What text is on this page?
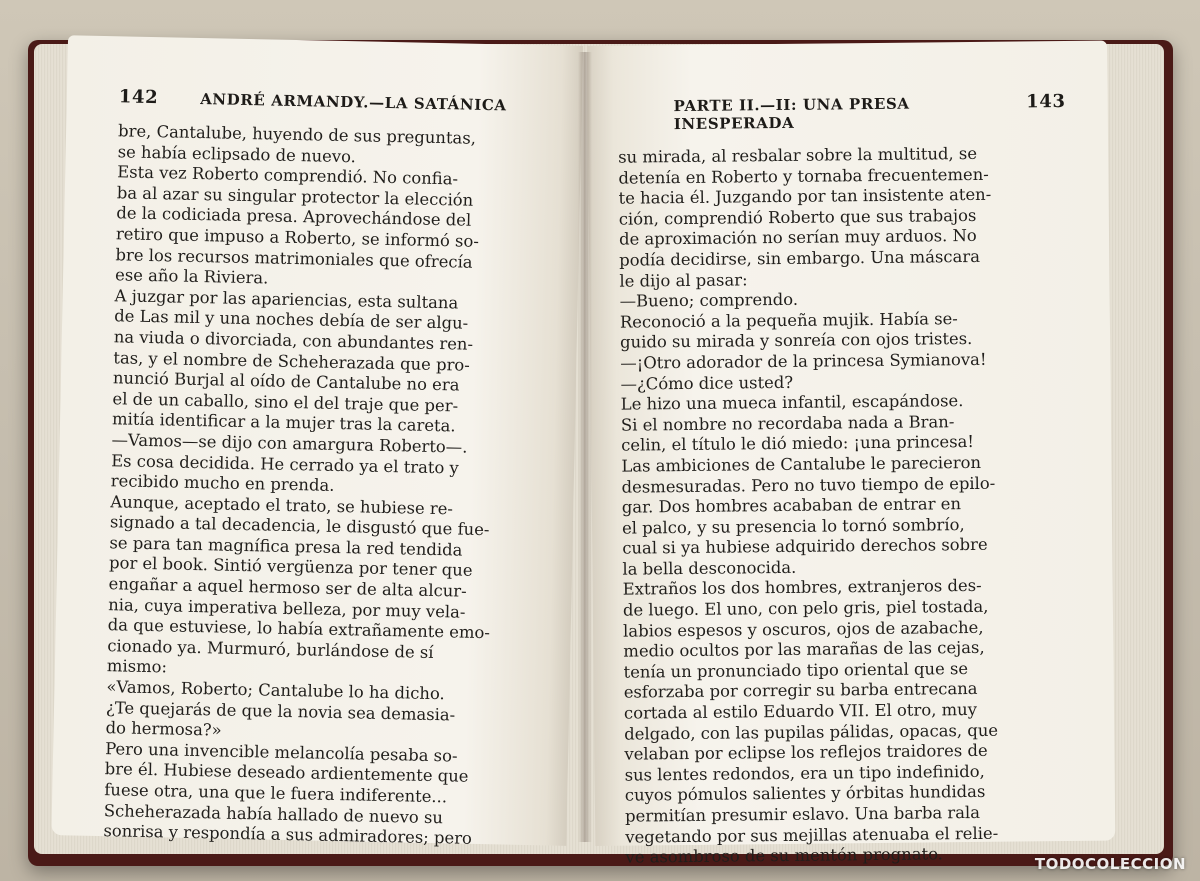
142	ANDRÉ ARMANDY.—LA SATÁNICA
bre, Cantalube, huyendo de sus preguntas,
se había eclipsado de nuevo.
Esta vez Roberto comprendió. No confia-
ba al azar su singular protector la elección
de la codiciada presa. Aprovechándose del
retiro que impuso a Roberto, se informó so-
bre los recursos matrimoniales que ofrecía
ese año la Riviera.
A juzgar por las apariencias, esta sultana
de Las mil y una noches debía de ser algu-
na viuda o divorciada, con abundantes ren-
tas, y el nombre de Scheherazada que pro-
nunció Burjal al oído de Cantalube no era
el de un caballo, sino el del traje que per-
mitía identificar a la mujer tras la careta.
—Vamos—se dijo con amargura Roberto—.
Es cosa decidida. He cerrado ya el trato y
recibido mucho en prenda.
Aunque, aceptado el trato, se hubiese re-
signado a tal decadencia, le disgustó que fue-
se para tan magnífica presa la red tendida
por el book. Sintió vergüenza por tener que
engañar a aquel hermoso ser de alta alcur-
nia, cuya imperativa belleza, por muy vela-
da que estuviese, lo había extrañamente emo-
cionado ya. Murmuró, burlándose de sí
mismo:
«Vamos, Roberto; Cantalube lo ha dicho.
¿Te quejarás de que la novia sea demasia-
do hermosa?»
Pero una invencible melancolía pesaba so-
bre él. Hubiese deseado ardientemente que
fuese otra, una que le fuera indiferente...
Scheherazada había hallado de nuevo su
sonrisa y respondía a sus admiradores; pero
PARTE II.—II: UNA PRESA INESPERADA
143
su mirada, al resbalar sobre la multitud, se
detenía en Roberto y tornaba frecuentemen-
te hacia él. Juzgando por tan insistente aten-
ción, comprendió Roberto que sus trabajos
de aproximación no serían muy arduos. No
podía decidirse, sin embargo. Una máscara
le dijo al pasar:
—Bueno; comprendo.
Reconoció a la pequeña mujik. Había se-
guido su mirada y sonreía con ojos tristes.
—¡Otro adorador de la princesa Symianova!
—¿Cómo dice usted?
Le hizo una mueca infantil, escapándose.
Si el nombre no recordaba nada a Bran-
celin, el título le dió miedo: ¡una princesa!
Las ambiciones de Cantalube le parecieron
desmesuradas. Pero no tuvo tiempo de epilo-
gar. Dos hombres acababan de entrar en
el palco, y su presencia lo tornó sombrío,
cual si ya hubiese adquirido derechos sobre
la bella desconocida.
Extraños los dos hombres, extranjeros des-
de luego. El uno, con pelo gris, piel tostada,
labios espesos y oscuros, ojos de azabache,
medio ocultos por las marañas de las cejas,
tenía un pronunciado tipo oriental que se
esforzaba por corregir su barba entrecana
cortada al estilo Eduardo VII. El otro, muy
delgado, con las pupilas pálidas, opacas, que
velaban por eclipse los reflejos traidores de
sus lentes redondos, era un tipo indefinido,
cuyos pómulos salientes y órbitas hundidas
permitían presumir eslavo. Una barba rala
vegetando por sus mejillas atenuaba el relie-
ve asombroso de su mentón prognato.	TODOCOLECCION
